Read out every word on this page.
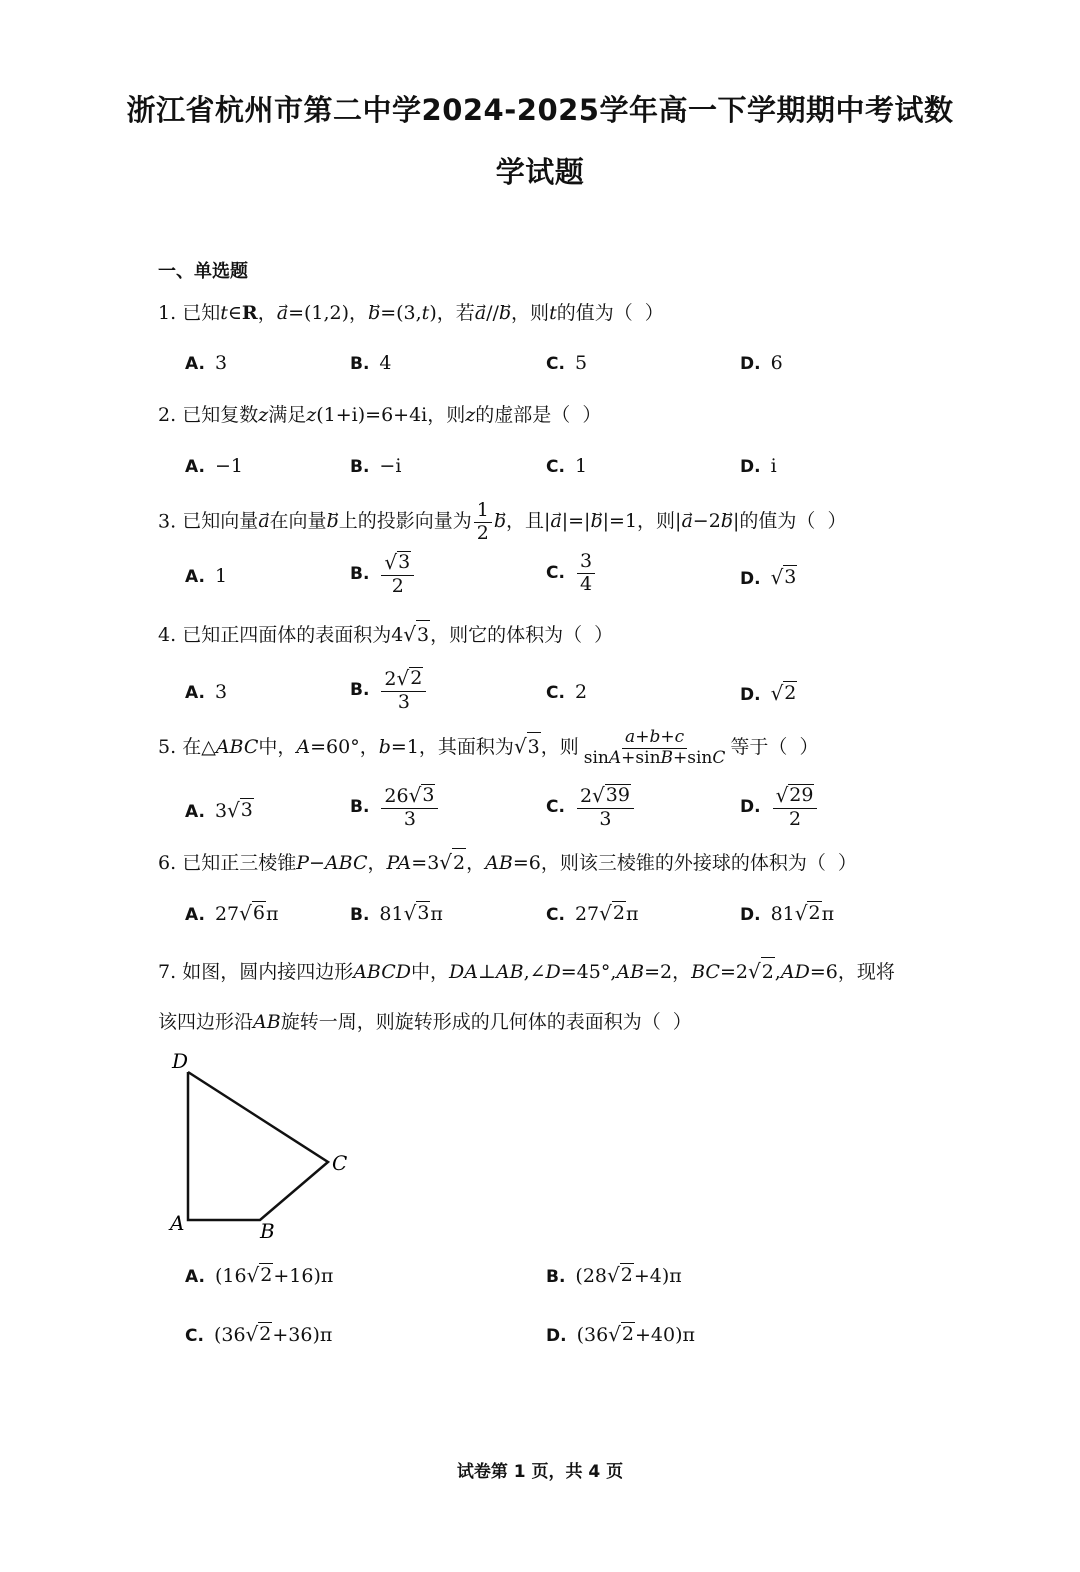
浙江省杭州市第二中学2024-2025学年高一下学期期中考试数
学试题
一、单选题
1. 已知t∈R，a⃗=(1,2)，b⃗=(3,t)，若a⃗//b⃗，则t的值为（  ）
A. 3	B. 4	C. 5	D. 6
2. 已知复数z满足z(1+i)=6+4i，则z的虚部是（  ）
A. −1	B. −i	C. 1	D. i
3. 已知向量a⃗在向量b⃗上的投影向量为 $\frac{1}{2}$ b⃗，且|a⃗|=|b⃗|=1，则|a⃗−2b⃗|的值为（  ）
A. 1	B. $\frac{√ 3}{2}$	C. $\frac{3}{4}$	D. √ 3
4. 已知正四面体的表面积为4 √ 3 ，则它的体积为（  ）
A. 3	B. $\frac{2 √ 2}{3}$	C. 2	D. √ 2
5. 在△ABC中，A=60°，b=1，其面积为 √ 3 ，则 $\frac{a+b+c}{\sin A+\sin B+\sin C}$ 等于（  ）
A. 3 √ 3	B. $\frac{26 √ 3}{3}$	C. $\frac{2 √ 39}{3}$	D. $\frac{√ 29}{2}$
6. 已知正三棱锥P−ABC，PA=3 √ 2 ，AB=6，则该三棱锥的外接球的体积为（  ）
A. 27 √ 6 π	B. 81 √ 3 π	C. 27 √ 2 π	D. 81 √ 2 π
7. 如图，圆内接四边形ABCD中，DA⊥AB,∠D=45°,AB=2，BC=2 √ 2 ,AD=6，现将
该四边形沿AB旋转一周，则旋转形成的几何体的表面积为（  ）
D
C
A	B
A. (16 √ 2 +16)π	B. (28 √ 2 +4)π
C. (36 √ 2 +36)π	D. (36 √ 2 +40)π
试卷第 1 页，共 4 页
